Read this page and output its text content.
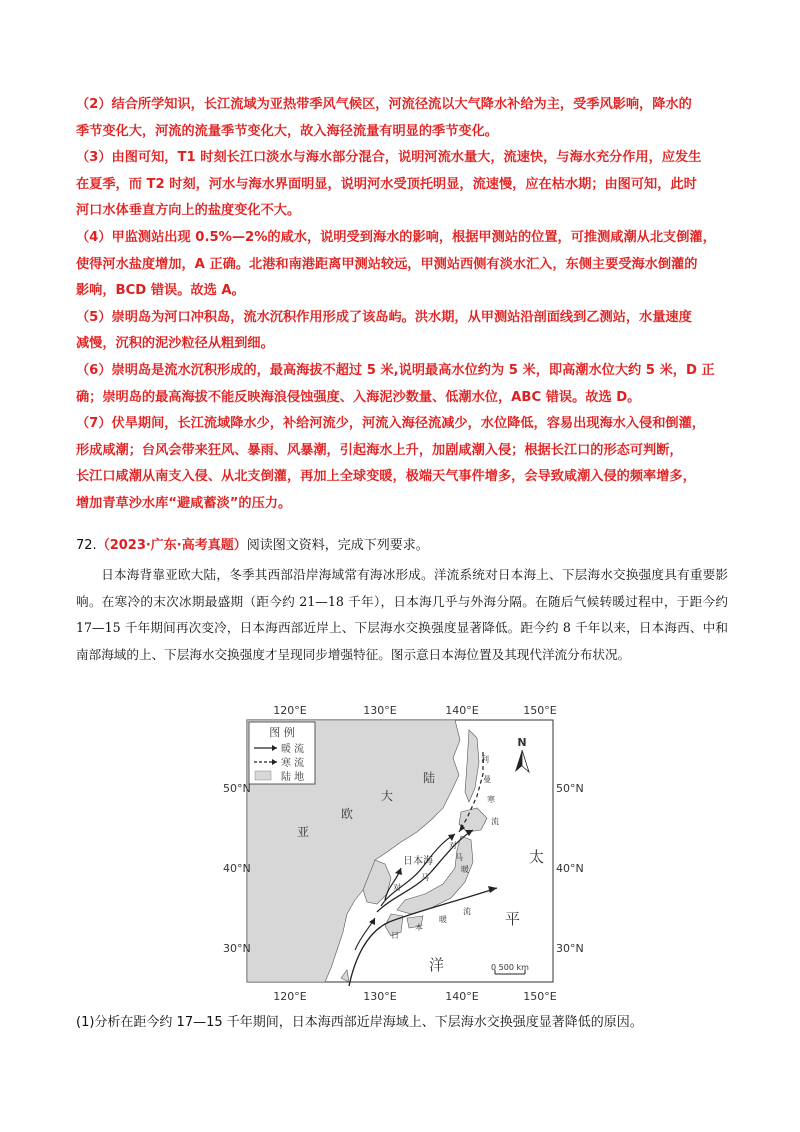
（2）结合所学知识，长江流域为亚热带季风气候区，河流径流以大气降水补给为主，受季风影响，降水的
季节变化大，河流的流量季节变化大，故入海径流量有明显的季节变化。

（3）由图可知，T1 时刻长江口淡水与海水部分混合，说明河流水量大，流速快，与海水充分作用，应发生
在夏季，而 T2 时刻，河水与海水界面明显，说明河水受顶托明显，流速慢，应在枯水期；由图可知，此时
河口水体垂直方向上的盐度变化不大。

（4）甲监测站出现 0.5%—2%的咸水，说明受到海水的影响，根据甲测站的位置，可推测咸潮从北支倒灌，
使得河水盐度增加，A 正确。北港和南港距离甲测站较远，甲测站西侧有淡水汇入，东侧主要受海水倒灌的
影响，BCD 错误。故选 A。

（5）崇明岛为河口冲积岛，流水沉积作用形成了该岛屿。洪水期，从甲测站沿剖面线到乙测站，水量速度
减慢，沉积的泥沙粒径从粗到细。

（6）崇明岛是流水沉积形成的，最高海拔不超过 5 米,说明最高水位约为 5 米，即高潮水位大约 5 米，D 正
确；崇明岛的最高海拔不能反映海浪侵蚀强度、入海泥沙数量、低潮水位，ABC 错误。故选 D。

（7）伏旱期间，长江流域降水少，补给河流少，河流入海径流减少，水位降低，容易出现海水入侵和倒灌，
形成咸潮；台风会带来狂风、暴雨、风暴潮，引起海水上升，加剧咸潮入侵；根据长江口的形态可判断，
长江口咸潮从南支入侵、从北支倒灌，再加上全球变暖，极端天气事件增多，会导致咸潮入侵的频率增多，
增加青草沙水库“避咸蓄淡”的压力。

72.（2023·广东·高考真题）阅读图文资料，完成下列要求。

日本海背靠亚欧大陆，冬季其西部沿岸海域常有海冰形成。洋流系统对日本海上、下层海水交换强度具有重要影响。在寒冷的末次冰期最盛期（距今约 21—18 千年），日本海几乎与外海分隔。在随后气候转暖过程中，于距今约 17—15 千年期间再次变冷，日本海西部近岸上、下层海水交换强度显著降低。距今约 8 千年以来，日本海西、中和南部海域的上、下层海水交换强度才呈现同步增强特征。图示意日本海位置及其现代洋流分布状况。

120°E	130°E	140°E	150°E
图 例
暖 流
寒 流
陆 地
N
亚
欧
大
陆
太
平
洋
日本海
利
曼
寒
流
对
马
暖
马
对
日
本
暖
流
0 500 km
50°N
40°N
30°N
50°N
40°N
30°N
120°E	130°E	140°E	150°E
(1)分析在距今约 17—15 千年期间，日本海西部近岸海域上、下层海水交换强度显著降低的原因。
